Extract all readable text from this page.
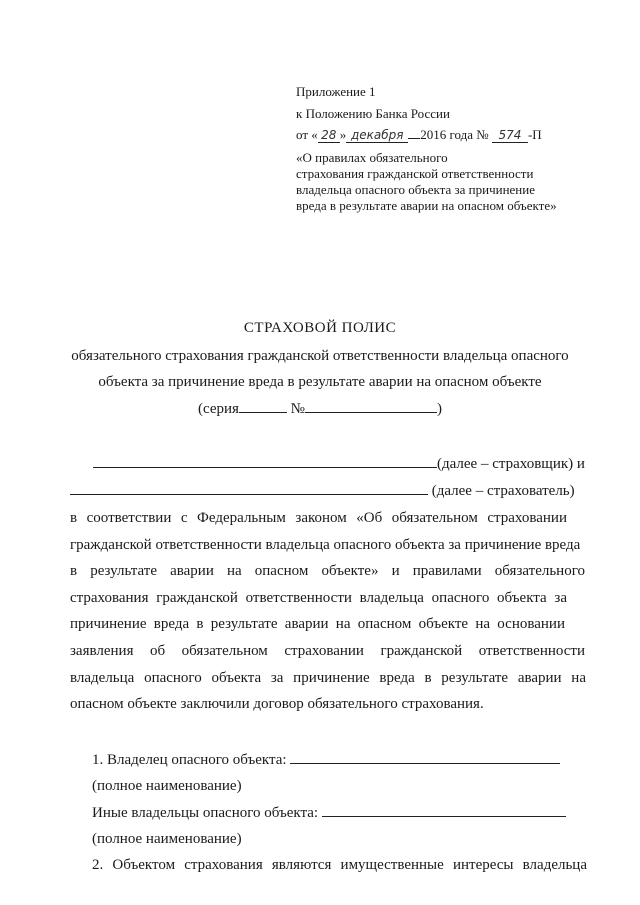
Приложение 1
к Положению Банка России
от « 28 » декабря 2016 года № 574 -П
«О правилах обязательного
страхования гражданской ответственности
владельца опасного объекта за причинение
вреда в результате аварии на опасном объекте»
СТРАХОВОЙ ПОЛИС
обязательного страхования гражданской ответственности владельца опасного
объекта за причинение вреда в результате аварии на опасном объекте
(серия	№	)
(далее – страховщик) и
(далее – страхователь)
в соответствии с Федеральным законом «Об обязательном страховании
гражданской ответственности владельца опасного объекта за причинение вреда
в результате аварии на опасном объекте» и правилами обязательного
страхования гражданской ответственности владельца опасного объекта за
причинение вреда в результате аварии на опасном объекте на основании
заявления об обязательном страховании гражданской ответственности
владельца опасного объекта за причинение вреда в результате аварии на
опасном объекте заключили договор обязательного страхования.
1. Владелец опасного объекта:
(полное наименование)
Иные владельцы опасного объекта:
(полное наименование)
2. Объектом страхования являются имущественные интересы владельца
